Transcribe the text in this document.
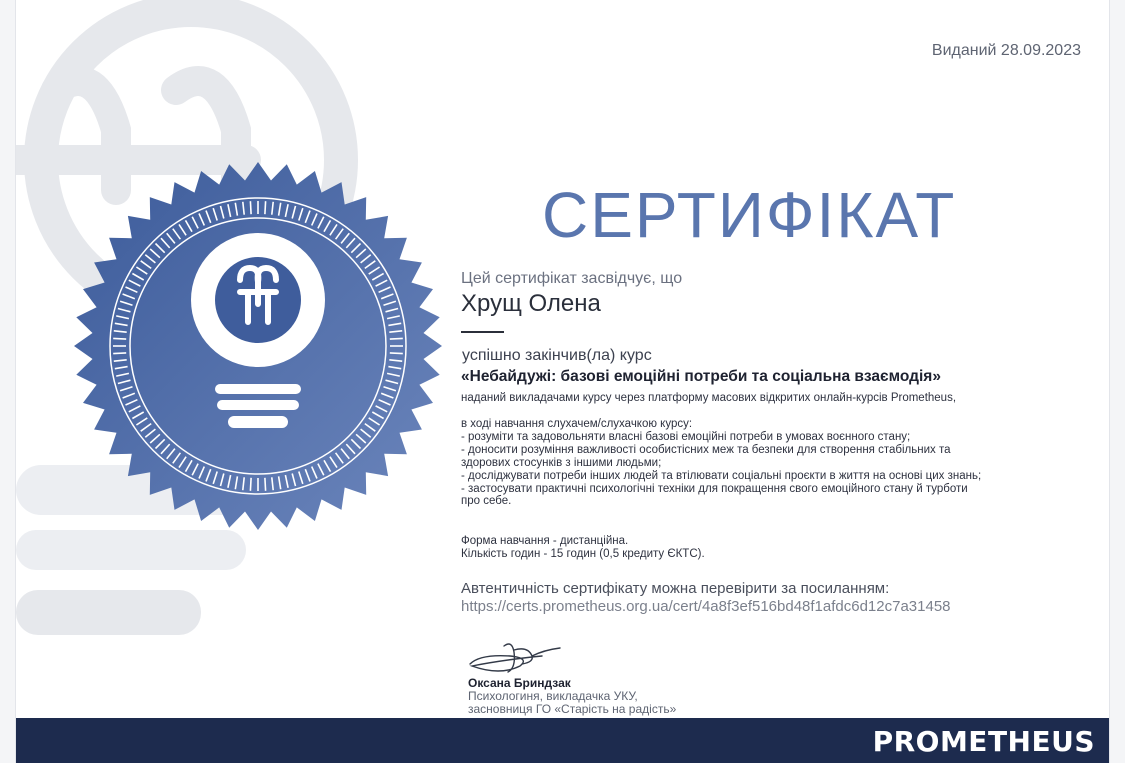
Виданий 28.09.2023
СЕРТИФІКАТ
Цей сертифікат засвідчує, що
Хрущ Олена
успішно закінчив(ла) курс
«Небайдужі: базові емоційні потреби та соціальна взаємодія»
наданий викладачами курсу через платформу масових відкритих онлайн-курсів Prometheus,
в ході навчання слухачем/слухачкою курсу:
- розуміти та задовольняти власні базові емоційні потреби в умовах воєнного стану;
- доносити розуміння важливості особистісних меж та безпеки для створення стабільних та
здорових стосунків з іншими людьми;
- досліджувати потреби інших людей та втілювати соціальні проєкти в життя на основі цих знань;
- застосувати практичні психологічні техніки для покращення свого емоційного стану й турботи
про себе.
Форма навчання - дистанційна.
Кількість годин - 15 годин (0,5 кредиту ЄКТС).
Автентичність сертифікату можна перевірити за посиланням:
https://certs.prometheus.org.ua/cert/4a8f3ef516bd48f1afdc6d12c7a31458
Оксана Бриндзак
Психологиня, викладачка УКУ,
засновниця ГО «Старість на радість»
PROMETHEUS
